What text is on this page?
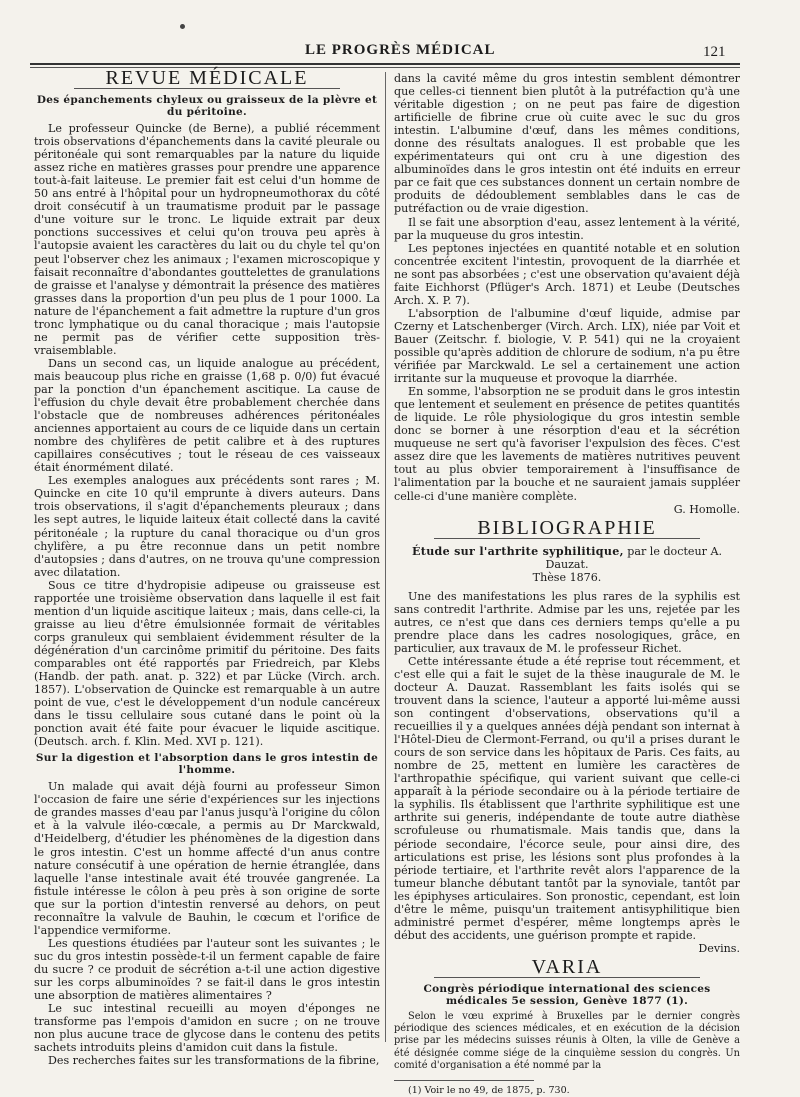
LE PROGRÈS MÉDICAL	121
REVUE MÉDICALE
Des épanchements chyleux ou graisseux de la plèvre et du péritoine.

Le professeur Quincke (de Berne), a publié récemment trois observations d'épanchements dans la cavité pleurale ou péritonéale qui sont remarquables par la nature du liquide assez riche en matières grasses pour prendre une apparence tout-à-fait laiteuse. Le premier fait est celui d'un homme de 50 ans entré à l'hôpital pour un hydropneumothorax du côté droit consécutif à un traumatisme produit par le passage d'une voiture sur le tronc. Le liquide extrait par deux ponctions successives et celui qu'on trouva peu après à l'autopsie avaient les caractères du lait ou du chyle tel qu'on peut l'observer chez les animaux ; l'examen microscopique y faisait reconnaître d'abondantes gouttelettes de granulations de graisse et l'analyse y démontrait la présence des matières grasses dans la proportion d'un peu plus de 1 pour 1000. La nature de l'épanchement a fait admettre la rupture d'un gros tronc lymphatique ou du canal thoracique ; mais l'autopsie ne permit pas de vérifier cette supposition très-vraisemblable.

Dans un second cas, un liquide analogue au précédent, mais beaucoup plus riche en graisse (1,68 p. 0/0) fut évacué par la ponction d'un épanchement ascitique. La cause de l'effusion du chyle devait être probablement cherchée dans l'obstacle que de nombreuses adhérences péritonéales anciennes apportaient au cours de ce liquide dans un certain nombre des chylifères de petit calibre et à des ruptures capillaires consécutives ; tout le réseau de ces vaisseaux était énormément dilaté.

Les exemples analogues aux précédents sont rares ; M. Quincke en cite 10 qu'il emprunte à divers auteurs. Dans trois observations, il s'agit d'épanchements pleuraux ; dans les sept autres, le liquide laiteux était collecté dans la cavité péritonéale ; la rupture du canal thoracique ou d'un gros chylifère, a pu être reconnue dans un petit nombre d'autopsies ; dans d'autres, on ne trouva qu'une compression avec dilatation.

Sous ce titre d'hydropisie adipeuse ou graisseuse est rapportée une troisième observation dans laquelle il est fait mention d'un liquide ascitique laiteux ; mais, dans celle-ci, la graisse au lieu d'être émulsionnée formait de véritables corps granuleux qui semblaient évidemment résulter de la dégénération d'un carcinôme primitif du péritoine. Des faits comparables ont été rapportés par Friedreich, par Klebs (Handb. der path. anat. p. 322) et par Lücke (Virch. arch. 1857). L'observation de Quincke est remarquable à un autre point de vue, c'est le développement d'un nodule cancéreux dans le tissu cellulaire sous cutané dans le point où la ponction avait été faite pour évacuer le liquide ascitique. (Deutsch. arch. f. Klin. Med. XVI p. 121).

Sur la digestion et l'absorption dans le gros intestin de l'homme.

Un malade qui avait déjà fourni au professeur Simon l'occasion de faire une série d'expériences sur les injections de grandes masses d'eau par l'anus jusqu'à l'origine du côlon et à la valvule iléo-cœcale, a permis au Dr Marckwald, d'Heidelberg, d'étudier les phénomènes de la digestion dans le gros intestin. C'est un homme affecté d'un anus contre nature consécutif à une opération de hernie étranglée, dans laquelle l'anse intestinale avait été trouvée gangrenée. La fistule intéresse le côlon à peu près à son origine de sorte que sur la portion d'intestin renversé au dehors, on peut reconnaître la valvule de Bauhin, le cœcum et l'orifice de l'appendice vermiforme.

Les questions étudiées par l'auteur sont les suivantes ; le suc du gros intestin possède-t-il un ferment capable de faire du sucre ? ce produit de sécrétion a-t-il une action digestive sur les corps albuminoïdes ? se fait-il dans le gros intestin une absorption de matières alimentaires ?

Le suc intestinal recueilli au moyen d'éponges ne transforme pas l'empois d'amidon en sucre ; on ne trouve non plus aucune trace de glycose dans le contenu des petits sachets introduits pleins d'amidon cuit dans la fistule.

Des recherches faites sur les transformations de la fibrine,

dans la cavité même du gros intestin semblent démontrer que celles-ci tiennent bien plutôt à la putréfaction qu'à une véritable digestion ; on ne peut pas faire de digestion artificielle de fibrine crue où cuite avec le suc du gros intestin. L'albumine d'œuf, dans les mêmes conditions, donne des résultats analogues. Il est probable que les expérimentateurs qui ont cru à une digestion des albuminoïdes dans le gros intestin ont été induits en erreur par ce fait que ces substances donnent un certain nombre de produits de dédoublement semblables dans le cas de putréfaction ou de vraie digestion.

Il se fait une absorption d'eau, assez lentement à la vérité, par la muqueuse du gros intestin.

Les peptones injectées en quantité notable et en solution concentrée excitent l'intestin, provoquent de la diarrhée et ne sont pas absorbées ; c'est une observation qu'avaient déjà faite Eichhorst (Pflüger's Arch. 1871) et Leube (Deutsches Arch. X. P. 7).

L'absorption de l'albumine d'œuf liquide, admise par Czerny et Latschenberger (Virch. Arch. LIX), niée par Voit et Bauer (Zeitschr. f. biologie, V. P. 541) qui ne la croyaient possible qu'après addition de chlorure de sodium, n'a pu être vérifiée par Marckwald. Le sel a certainement une action irritante sur la muqueuse et provoque la diarrhée.

En somme, l'absorption ne se produit dans le gros intestin que lentement et seulement en présence de petites quantités de liquide. Le rôle physiologique du gros intestin semble donc se borner à une résorption d'eau et la sécrétion muqueuse ne sert qu'à favoriser l'expulsion des fèces. C'est assez dire que les lavements de matières nutritives peuvent tout au plus obvier temporairement à l'insuffisance de l'alimentation par la bouche et ne sauraient jamais suppléer celle-ci d'une manière complète.

G. Homolle.
BIBLIOGRAPHIE
Étude sur l'arthrite syphilitique, par le docteur A. Dauzat.
Thèse 1876.

Une des manifestations les plus rares de la syphilis est sans contredit l'arthrite. Admise par les uns, rejetée par les autres, ce n'est que dans ces derniers temps qu'elle a pu prendre place dans les cadres nosologiques, grâce, en particulier, aux travaux de M. le professeur Richet.

Cette intéressante étude a été reprise tout récemment, et c'est elle qui a fait le sujet de la thèse inaugurale de M. le docteur A. Dauzat. Rassemblant les faits isolés qui se trouvent dans la science, l'auteur a apporté lui-même aussi son contingent d'observations, observations qu'il a recueillies il y a quelques années déjà pendant son internat à l'Hôtel-Dieu de Clermont-Ferrand, ou qu'il a prises durant le cours de son service dans les hôpitaux de Paris. Ces faits, au nombre de 25, mettent en lumière les caractères de l'arthropathie spécifique, qui varient suivant que celle-ci apparaît à la période secondaire ou à la période tertiaire de la syphilis. Ils établissent que l'arthrite syphilitique est une arthrite sui generis, indépendante de toute autre diathèse scrofuleuse ou rhumatismale. Mais tandis que, dans la période secondaire, l'écorce seule, pour ainsi dire, des articulations est prise, les lésions sont plus profondes à la période tertiaire, et l'arthrite revêt alors l'apparence de la tumeur blanche débutant tantôt par la synoviale, tantôt par les épiphyses articulaires. Son pronostic, cependant, est loin d'être le même, puisqu'un traitement antisyphilitique bien administré permet d'espérer, même longtemps après le début des accidents, une guérison prompte et rapide.

Devins.
VARIA
Congrès périodique international des sciences médicales 5e session, Genève 1877 (1).

Selon le vœu exprimé à Bruxelles par le dernier congrès périodique des sciences médicales, et en exécution de la décision prise par les médecins suisses réunis à Olten, la ville de Genève a été désignée comme siége de la cinquième session du congrès. Un comité d'organisation a été nommé par la

(1) Voir le no 49, de 1875, p. 730.
